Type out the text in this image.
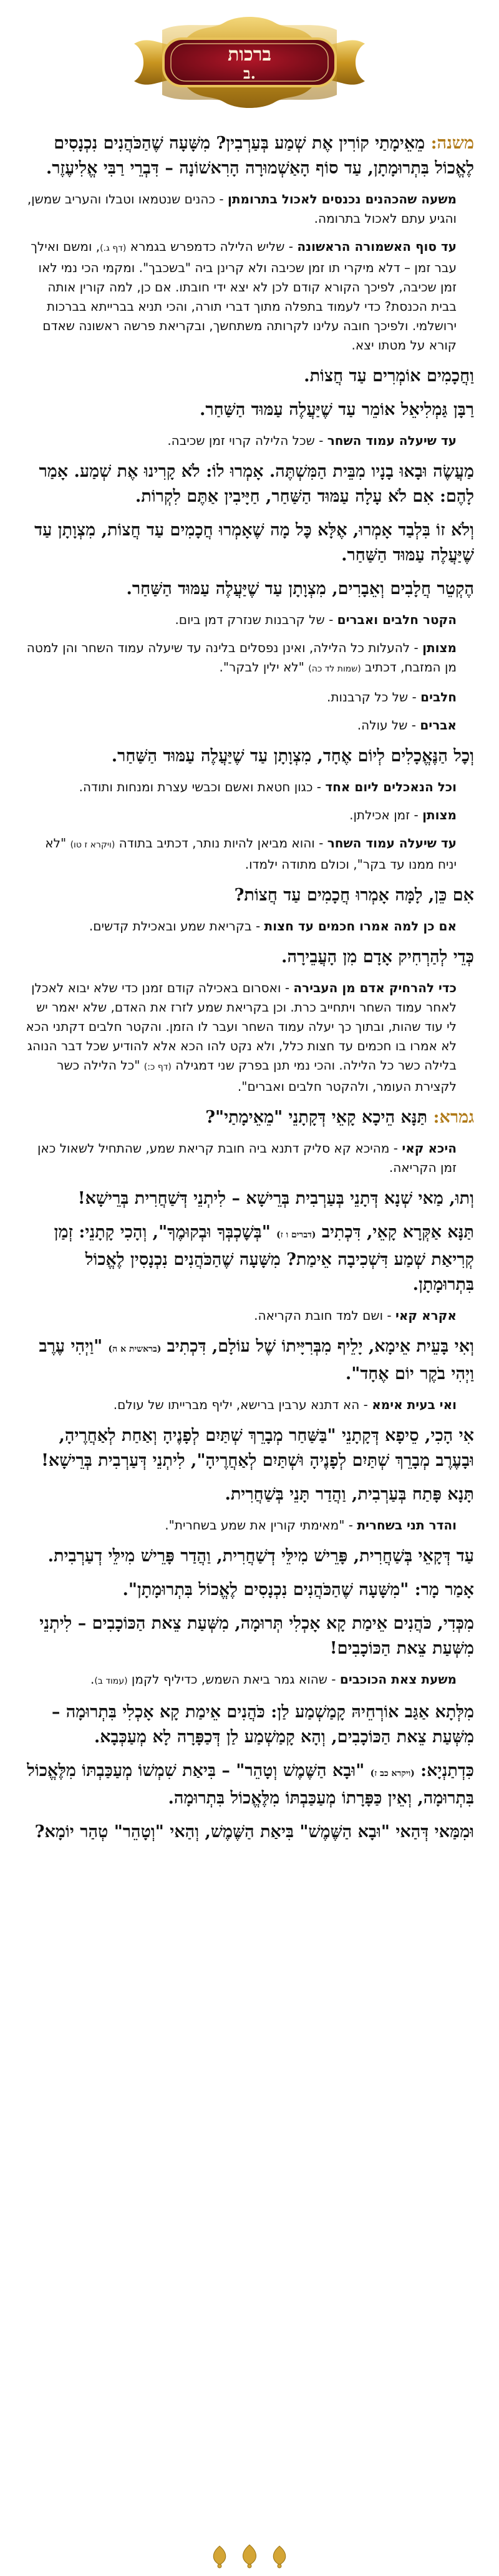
ברכות
ב.
משנה: מֵאֵימָתַי קוֹרִין אֶת שְׁמַע בְּעַרְבִין? מִשָּׁעָה שֶׁהַכֹּהֲנִים נִכְנָסִים לֶאֱכוֹל בִּתְרוּמָתָן, עַד סוֹף הָאַשְׁמוּרָה הָרִאשׁוֹנָה – דִּבְרֵי רַבִּי אֱלִיעֶזֶר.
משעה שהכהנים נכנסים לאכול בתרומתן - כהנים שנטמאו וטבלו והעריב שמשן, והגיע עתם לאכול בתרומה.
עד סוף האשמורה הראשונה - שליש הלילה כדמפרש בגמרא (דף ג.), ומשם ואילך עבר זמן – דלא מיקרי תו זמן שכיבה ולא קרינן ביה "בשכבך". ומקמי הכי נמי לאו זמן שכיבה, לפיכך הקורא קודם לכן לא יצא ידי חובתו. אם כן, למה קורין אותה בבית הכנסת? כדי לעמוד בתפלה מתוך דברי תורה, והכי תניא בברייתא בברכות ירושלמי. ולפיכך חובה עלינו לקרותה משתחשך, ובקריאת פרשה ראשונה שאדם קורא על מטתו יצא.
וַחֲכָמִים אוֹמְרִים עַד חֲצוֹת.
רַבָּן גַּמְלִיאֵל אוֹמֵר עַד שֶׁיַּעֲלֶה עַמּוּד הַשַּׁחַר.
עד שיעלה עמוד השחר - שכל הלילה קרוי זמן שכיבה.
מַעֲשֶׂה וּבָאוּ בָנָיו מִבֵּית הַמִּשְׁתֶּה. אָמְרוּ לוֹ: לֹא קָרִינוּ אֶת שְׁמַע. אָמַר לָהֶם: אִם לֹא עָלָה עַמּוּד הַשַּׁחַר, חַיָּיבִין אַתֶּם לִקְרוֹת.
וְלֹא זוֹ בִּלְבַד אָמְרוּ, אֶלָּא כׇּל מָה שֶׁאָמְרוּ חֲכָמִים עַד חֲצוֹת, מִצְוָתָן עַד שֶׁיַּעֲלֶה עַמּוּד הַשַּׁחַר.
הֶקְטֵר חֲלָבִים וְאֵבָרִים, מִצְוָתָן עַד שֶׁיַּעֲלֶה עַמּוּד הַשַּׁחַר.
הקטר חלבים ואברים - של קרבנות שנזרק דמן ביום.
מצותן - להעלות כל הלילה, ואינן נפסלים בלינה עד שיעלה עמוד השחר והן למטה מן המזבח, דכתיב (שמות לד כה) "לא ילין לבקר".
חלבים - של כל קרבנות.
אברים - של עולה.
וְכׇל הַנֶּאֱכָלִים לְיוֹם אֶחָד, מִצְוָתָן עַד שֶׁיַּעֲלֶה עַמּוּד הַשַּׁחַר.
וכל הנאכלים ליום אחד - כגון חטאת ואשם וכבשי עצרת ומנחות ותודה.
מצותן - זמן אכילתן.
עד שיעלה עמוד השחר - והוא מביאן להיות נותר, דכתיב בתודה (ויקרא ז טו) "לא יניח ממנו עד בקר", וכולם מתודה ילמדו.
אִם כֵּן, לָמָּה אָמְרוּ חֲכָמִים עַד חֲצוֹת?
אם כן למה אמרו חכמים עד חצות - בקריאת שמע ובאכילת קדשים.
כְּדֵי לְהַרְחִיק אָדָם מִן הָעֲבֵירָה.
כדי להרחיק אדם מן העבירה - ואסרום באכילה קודם זמנן כדי שלא יבוא לאכלן לאחר עמוד השחר ויתחייב כרת. וכן בקריאת שמע לזרז את האדם, שלא יאמר יש לי עוד שהות, ובתוך כך יעלה עמוד השחר ועבר לו הזמן. והקטר חלבים דקתני הכא לא אמרו בו חכמים עד חצות כלל, ולא נקט להו הכא אלא להודיע שכל דבר הנוהג בלילה כשר כל הלילה. והכי נמי תנן בפרק שני דמגילה (דף כ:) "כל הלילה כשר לקצירת העומר, ולהקטר חלבים ואברים".
גמרא: תַּנָּא הֵיכָא קָאֵי דְּקָתָנֵי "מֵאֵימָתַי"?
היכא קאי - מהיכא קא סליק דתנא ביה חובת קריאת שמע, שהתחיל לשאול כאן זמן הקריאה.
וְתוּ, מַאי שְׁנָא דְּתָנֵי בְּעַרְבִית בְּרֵישָׁא – לִיתְנֵי דְּשַׁחֲרִית בְּרֵישָׁא!
תַּנָּא אַקְּרָא קָאֵי, דִּכְתִיב (דברים ו ז) "בְּשׇׁכְבְּךָ וּבְקוּמֶךָ", וְהָכִי קָתָנֵי: זְמַן קְרִיאַת שְׁמַע דִּשְׁכִיבָה אֵימַת? מִשָּׁעָה שֶׁהַכֹּהֲנִים נִכְנָסִין לֶאֱכוֹל בִּתְרוּמָתָן.
אקרא קאי - ושם למד חובת הקריאה.
וְאִי בָּעֵית אֵימָא, יָלֵיף מִבְּרִיָּיתוֹ שֶׁל עוֹלָם, דִּכְתִיב (בראשית א ה) "וַיְהִי עֶרֶב וַיְהִי בֹקֶר יוֹם אֶחָד".
ואי בעית אימא - הא דתנא ערבין ברישא, יליף מברייתו של עולם.
אִי הָכִי, סֵיפָא דְּקָתָנֵי "בַּשַּׁחַר מְבָרֵךְ שְׁתַּיִם לְפָנֶיהָ וְאַחַת לְאַחֲרֶיהָ, וּבָעֶרֶב מְבָרֵךְ שְׁתַּיִם לְפָנֶיהָ וּשְׁתַּיִם לְאַחֲרֶיהָ", לִיתְנֵי דְּעַרְבִית בְּרֵישָׁא!
תָּנָא פָּתַח בְּעַרְבִית, וַהֲדַר תָּנֵי בְּשַׁחֲרִית.
והדר תני בשחרית - "מאימתי קורין את שמע בשחרית".
עַד דְּקָאֵי בְּשַׁחֲרִית, פָּרֵישׁ מִילֵּי דְשַׁחֲרִית, וַהֲדַר פָּרֵישׁ מִילֵּי דְעַרְבִית.
אָמַר מָר: "מִשָּׁעָה שֶׁהַכֹּהֲנִים נִכְנָסִים לֶאֱכוֹל בִּתְרוּמָתָן".
מִכְּדִי, כֹּהֲנִים אֵימַת קָא אָכְלִי תְּרוּמָה, מִשְּׁעַת צֵאת הַכּוֹכָבִים – לִיתְנֵי מִשְּׁעַת צֵאת הַכּוֹכָבִים!
משעת צאת הכוכבים - שהוא גמר ביאת השמש, כדיליף לקמן (עמוד ב).
מִלְּתָא אַגַּב אוֹרְחֵיהּ קָמַשְׁמַע לַן: כֹּהֲנִים אֵימַת קָא אָכְלִי בִּתְרוּמָה – מִשְּׁעַת צֵאת הַכּוֹכָבִים, וְהָא קָמַשְׁמַע לַן דְּכַפָּרָה לָא מְעַכְּבָא.
כִּדְתַנְיָא: (ויקרא כב ז) "וּבָא הַשֶּׁמֶשׁ וְטָהֵר" – בִּיאַת שִׁמְשׁוֹ מְעַכַּבְתּוֹ מִלֶּאֱכוֹל בִּתְרוּמָה, וְאֵין כַּפָּרָתוֹ מְעַכַּבְתּוֹ מִלֶּאֱכוֹל בִּתְרוּמָה.
וּמִמַּאי דְּהַאי "וּבָא הַשֶּׁמֶשׁ" בִּיאַת הַשֶּׁמֶשׁ, וְהַאי "וְטָהֵר" טְהַר יוֹמָא?
